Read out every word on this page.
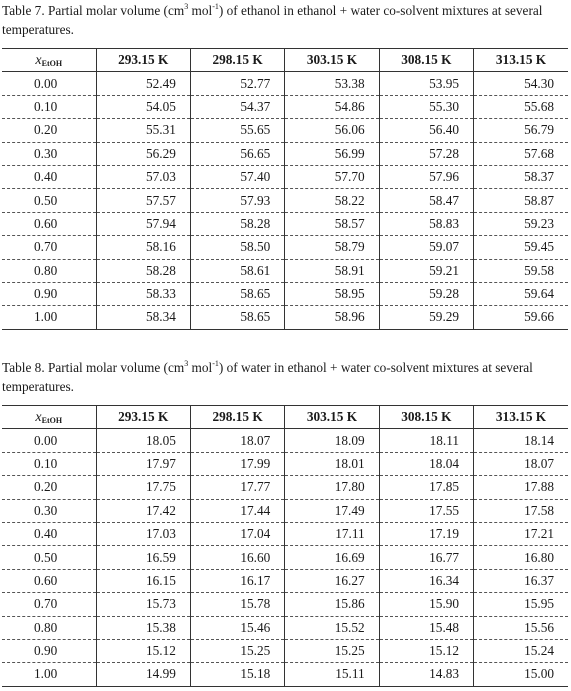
Table 7. Partial molar volume ($cm^3$ mol$^{-1}$) of ethanol in ethanol + water co-solvent mixtures at several temperatures.
xEtOH	293.15 K	298.15 K	303.15 K	308.15 K	313.15 K
0.00	52.49	52.77	53.38	53.95	54.30
0.10	54.05	54.37	54.86	55.30	55.68
0.20	55.31	55.65	56.06	56.40	56.79
0.30	56.29	56.65	56.99	57.28	57.68
0.40	57.03	57.40	57.70	57.96	58.37
0.50	57.57	57.93	58.22	58.47	58.87
0.60	57.94	58.28	58.57	58.83	59.23
0.70	58.16	58.50	58.79	59.07	59.45
0.80	58.28	58.61	58.91	59.21	59.58
0.90	58.33	58.65	58.95	59.28	59.64
1.00	58.34	58.65	58.96	59.29	59.66
Table 8. Partial molar volume ($cm^3$ mol$^{-1}$) of water in ethanol + water co-solvent mixtures at several temperatures.
xEtOH	293.15 K	298.15 K	303.15 K	308.15 K	313.15 K
0.00	18.05	18.07	18.09	18.11	18.14
0.10	17.97	17.99	18.01	18.04	18.07
0.20	17.75	17.77	17.80	17.85	17.88
0.30	17.42	17.44	17.49	17.55	17.58
0.40	17.03	17.04	17.11	17.19	17.21
0.50	16.59	16.60	16.69	16.77	16.80
0.60	16.15	16.17	16.27	16.34	16.37
0.70	15.73	15.78	15.86	15.90	15.95
0.80	15.38	15.46	15.52	15.48	15.56
0.90	15.12	15.25	15.25	15.12	15.24
1.00	14.99	15.18	15.11	14.83	15.00
